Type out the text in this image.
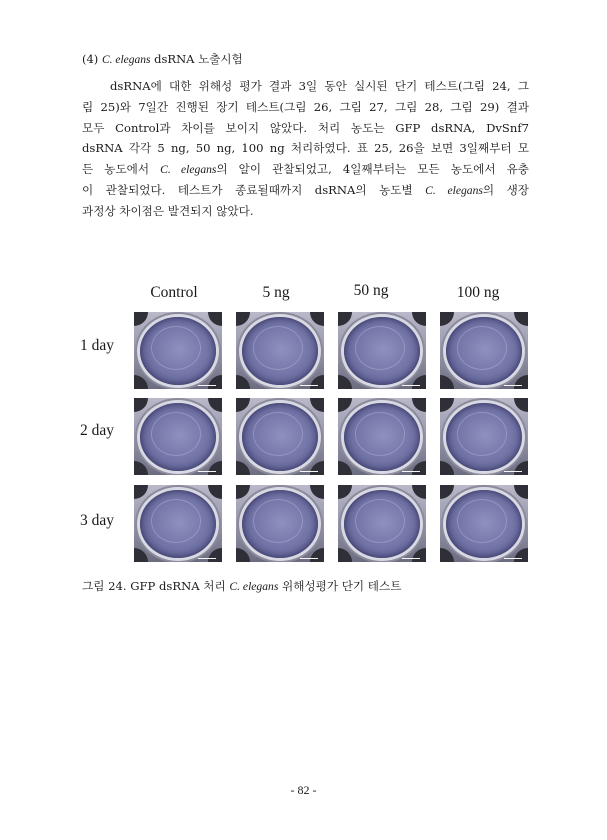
(4) C. elegans dsRNA 노출시험
dsRNA에 대한 위해성 평가 결과 3일 동안 실시된 단기 테스트(그림 24, 그
림 25)와 7일간 진행된 장기 테스트(그림 26, 그림 27, 그림 28, 그림 29) 결과
모두 Control과 차이를 보이지 않았다. 처리 농도는 GFP dsRNA, DvSnf7
dsRNA 각각 5 ng, 50 ng, 100 ng 처리하였다. 표 25, 26을 보면 3일째부터 모
든 농도에서 C. elegans의 알이 관찰되었고, 4일째부터는 모든 농도에서 유충
이 관찰되었다. 테스트가 종료될때까지 dsRNA의 농도별 C. elegans의 생장
과정상 차이점은 발견되지 않았다.
Control	5 ng	50 ng	100 ng
1 day
2 day
3 day
그림 24. GFP dsRNA 처리 C. elegans 위해성평가 단기 테스트
- 82 -
